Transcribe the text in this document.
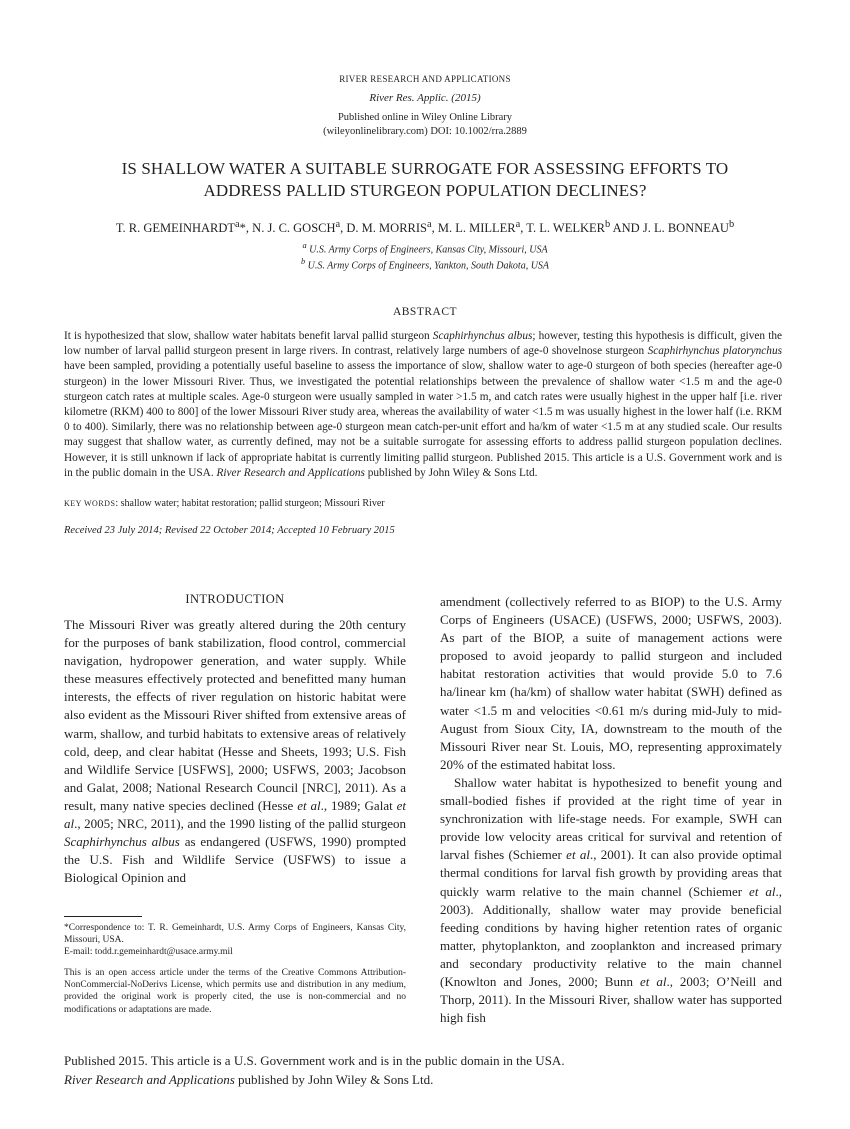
RIVER RESEARCH AND APPLICATIONS
River Res. Applic. (2015)
Published online in Wiley Online Library
(wileyonlinelibrary.com) DOI: 10.1002/rra.2889
IS SHALLOW WATER A SUITABLE SURROGATE FOR ASSESSING EFFORTS TO
ADDRESS PALLID STURGEON POPULATION DECLINES?
T. R. GEMEINHARDT$^a$*, N. J. C. GOSCH$^a$, D. M. MORRIS$^a$, M. L. MILLER$^a$, T. L. WELKER$^b$ AND J. L. BONNEAU$^b$
$^a$ U.S. Army Corps of Engineers, Kansas City, Missouri, USA
$^b$ U.S. Army Corps of Engineers, Yankton, South Dakota, USA
ABSTRACT
It is hypothesized that slow, shallow water habitats benefit larval pallid sturgeon Scaphirhynchus albus; however, testing this hypothesis is difficult, given the low number of larval pallid sturgeon present in large rivers. In contrast, relatively large numbers of age-0 shovelnose sturgeon Scaphirhynchus platorynchus have been sampled, providing a potentially useful baseline to assess the importance of slow, shallow water to age-0 sturgeon of both species (hereafter age-0 sturgeon) in the lower Missouri River. Thus, we investigated the potential relationships between the prevalence of shallow water <1.5 m and the age-0 sturgeon catch rates at multiple scales. Age-0 sturgeon were usually sampled in water >1.5 m, and catch rates were usually highest in the upper half [i.e. river kilometre (RKM) 400 to 800] of the lower Missouri River study area, whereas the availability of water <1.5 m was usually highest in the lower half (i.e. RKM 0 to 400). Similarly, there was no relationship between age-0 sturgeon mean catch-per-unit effort and ha/km of water <1.5 m at any studied scale. Our results may suggest that shallow water, as currently defined, may not be a suitable surrogate for assessing efforts to address pallid sturgeon population declines. However, it is still unknown if lack of appropriate habitat is currently limiting pallid sturgeon. Published 2015. This article is a U.S. Government work and is in the public domain in the USA. River Research and Applications published by John Wiley & Sons Ltd.
KEY WORDS: shallow water; habitat restoration; pallid sturgeon; Missouri River
Received 23 July 2014; Revised 22 October 2014; Accepted 10 February 2015
INTRODUCTION

The Missouri River was greatly altered during the 20th century for the purposes of bank stabilization, flood control, commercial navigation, hydropower generation, and water supply. While these measures effectively protected and benefitted many human interests, the effects of river regulation on historic habitat were also evident as the Missouri River shifted from extensive areas of warm, shallow, and turbid habitats to extensive areas of relatively cold, deep, and clear habitat (Hesse and Sheets, 1993; U.S. Fish and Wildlife Service [USFWS], 2000; USFWS, 2003; Jacobson and Galat, 2008; National Research Council [NRC], 2011). As a result, many native species declined (Hesse et al., 1989; Galat et al., 2005; NRC, 2011), and the 1990 listing of the pallid sturgeon Scaphirhynchus albus as endangered (USFWS, 1990) prompted the U.S. Fish and Wildlife Service (USFWS) to issue a Biological Opinion and

*Correspondence to: T. R. Gemeinhardt, U.S. Army Corps of Engineers, Kansas City, Missouri, USA.
E-mail: todd.r.gemeinhardt@usace.army.mil
This is an open access article under the terms of the Creative Commons Attribution-NonCommercial-NoDerivs License, which permits use and distribution in any medium, provided the original work is properly cited, the use is non-commercial and no modifications or adaptations are made.

amendment (collectively referred to as BIOP) to the U.S. Army Corps of Engineers (USACE) (USFWS, 2000; USFWS, 2003). As part of the BIOP, a suite of management actions were proposed to avoid jeopardy to pallid sturgeon and included habitat restoration activities that would provide 5.0 to 7.6 ha/linear km (ha/km) of shallow water habitat (SWH) defined as water <1.5 m and velocities <0.61 m/s during mid-July to mid-August from Sioux City, IA, downstream to the mouth of the Missouri River near St. Louis, MO, representing approximately 20% of the estimated habitat loss.

Shallow water habitat is hypothesized to benefit young and small-bodied fishes if provided at the right time of year in synchronization with life-stage needs. For example, SWH can provide low velocity areas critical for survival and retention of larval fishes (Schiemer et al., 2001). It can also provide optimal thermal conditions for larval fish growth by providing areas that quickly warm relative to the main channel (Schiemer et al., 2003). Additionally, shallow water may provide beneficial feeding conditions by having higher retention rates of organic matter, phytoplankton, and zooplankton and increased primary and secondary productivity relative to the main channel (Knowlton and Jones, 2000; Bunn et al., 2003; O’Neill and Thorp, 2011). In the Missouri River, shallow water has supported high fish

Published 2015. This article is a U.S. Government work and is in the public domain in the USA.
River Research and Applications published by John Wiley & Sons Ltd.
